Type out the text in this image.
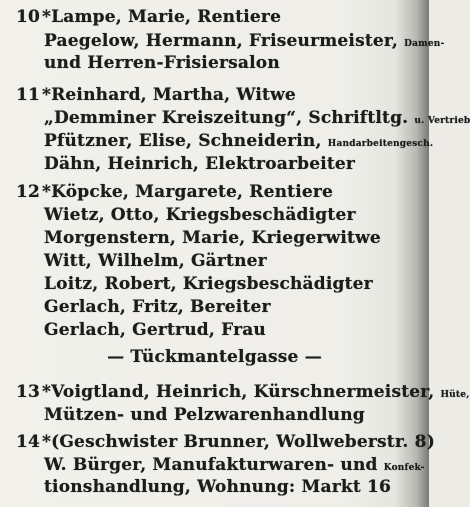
10 *Lampe, Marie, Rentiere
Paegelow, Hermann, Friseurmeister, Damen-
und Herren-Frisiersalon
11 *Reinhard, Martha, Witwe
„Demminer Kreiszeitung“, Schriftltg. u. Vertrieb
Pfützner, Elise, Schneiderin, Handarbeitengesch.
Dähn, Heinrich, Elektroarbeiter
12 *Köpcke, Margarete, Rentiere
Wietz, Otto, Kriegsbeschädigter
Morgenstern, Marie, Kriegerwitwe
Witt, Wilhelm, Gärtner
Loitz, Robert, Kriegsbeschädigter
Gerlach, Fritz, Bereiter
Gerlach, Gertrud, Frau
— Tückmantelgasse —
13 *Voigtland, Heinrich, Kürschnermeister, Hüte,
Mützen- und Pelzwarenhandlung
14 *(Geschwister Brunner, Wollweberstr. 8)
W. Bürger, Manufakturwaren- und Konfek-
tionshandlung, Wohnung: Markt 16
